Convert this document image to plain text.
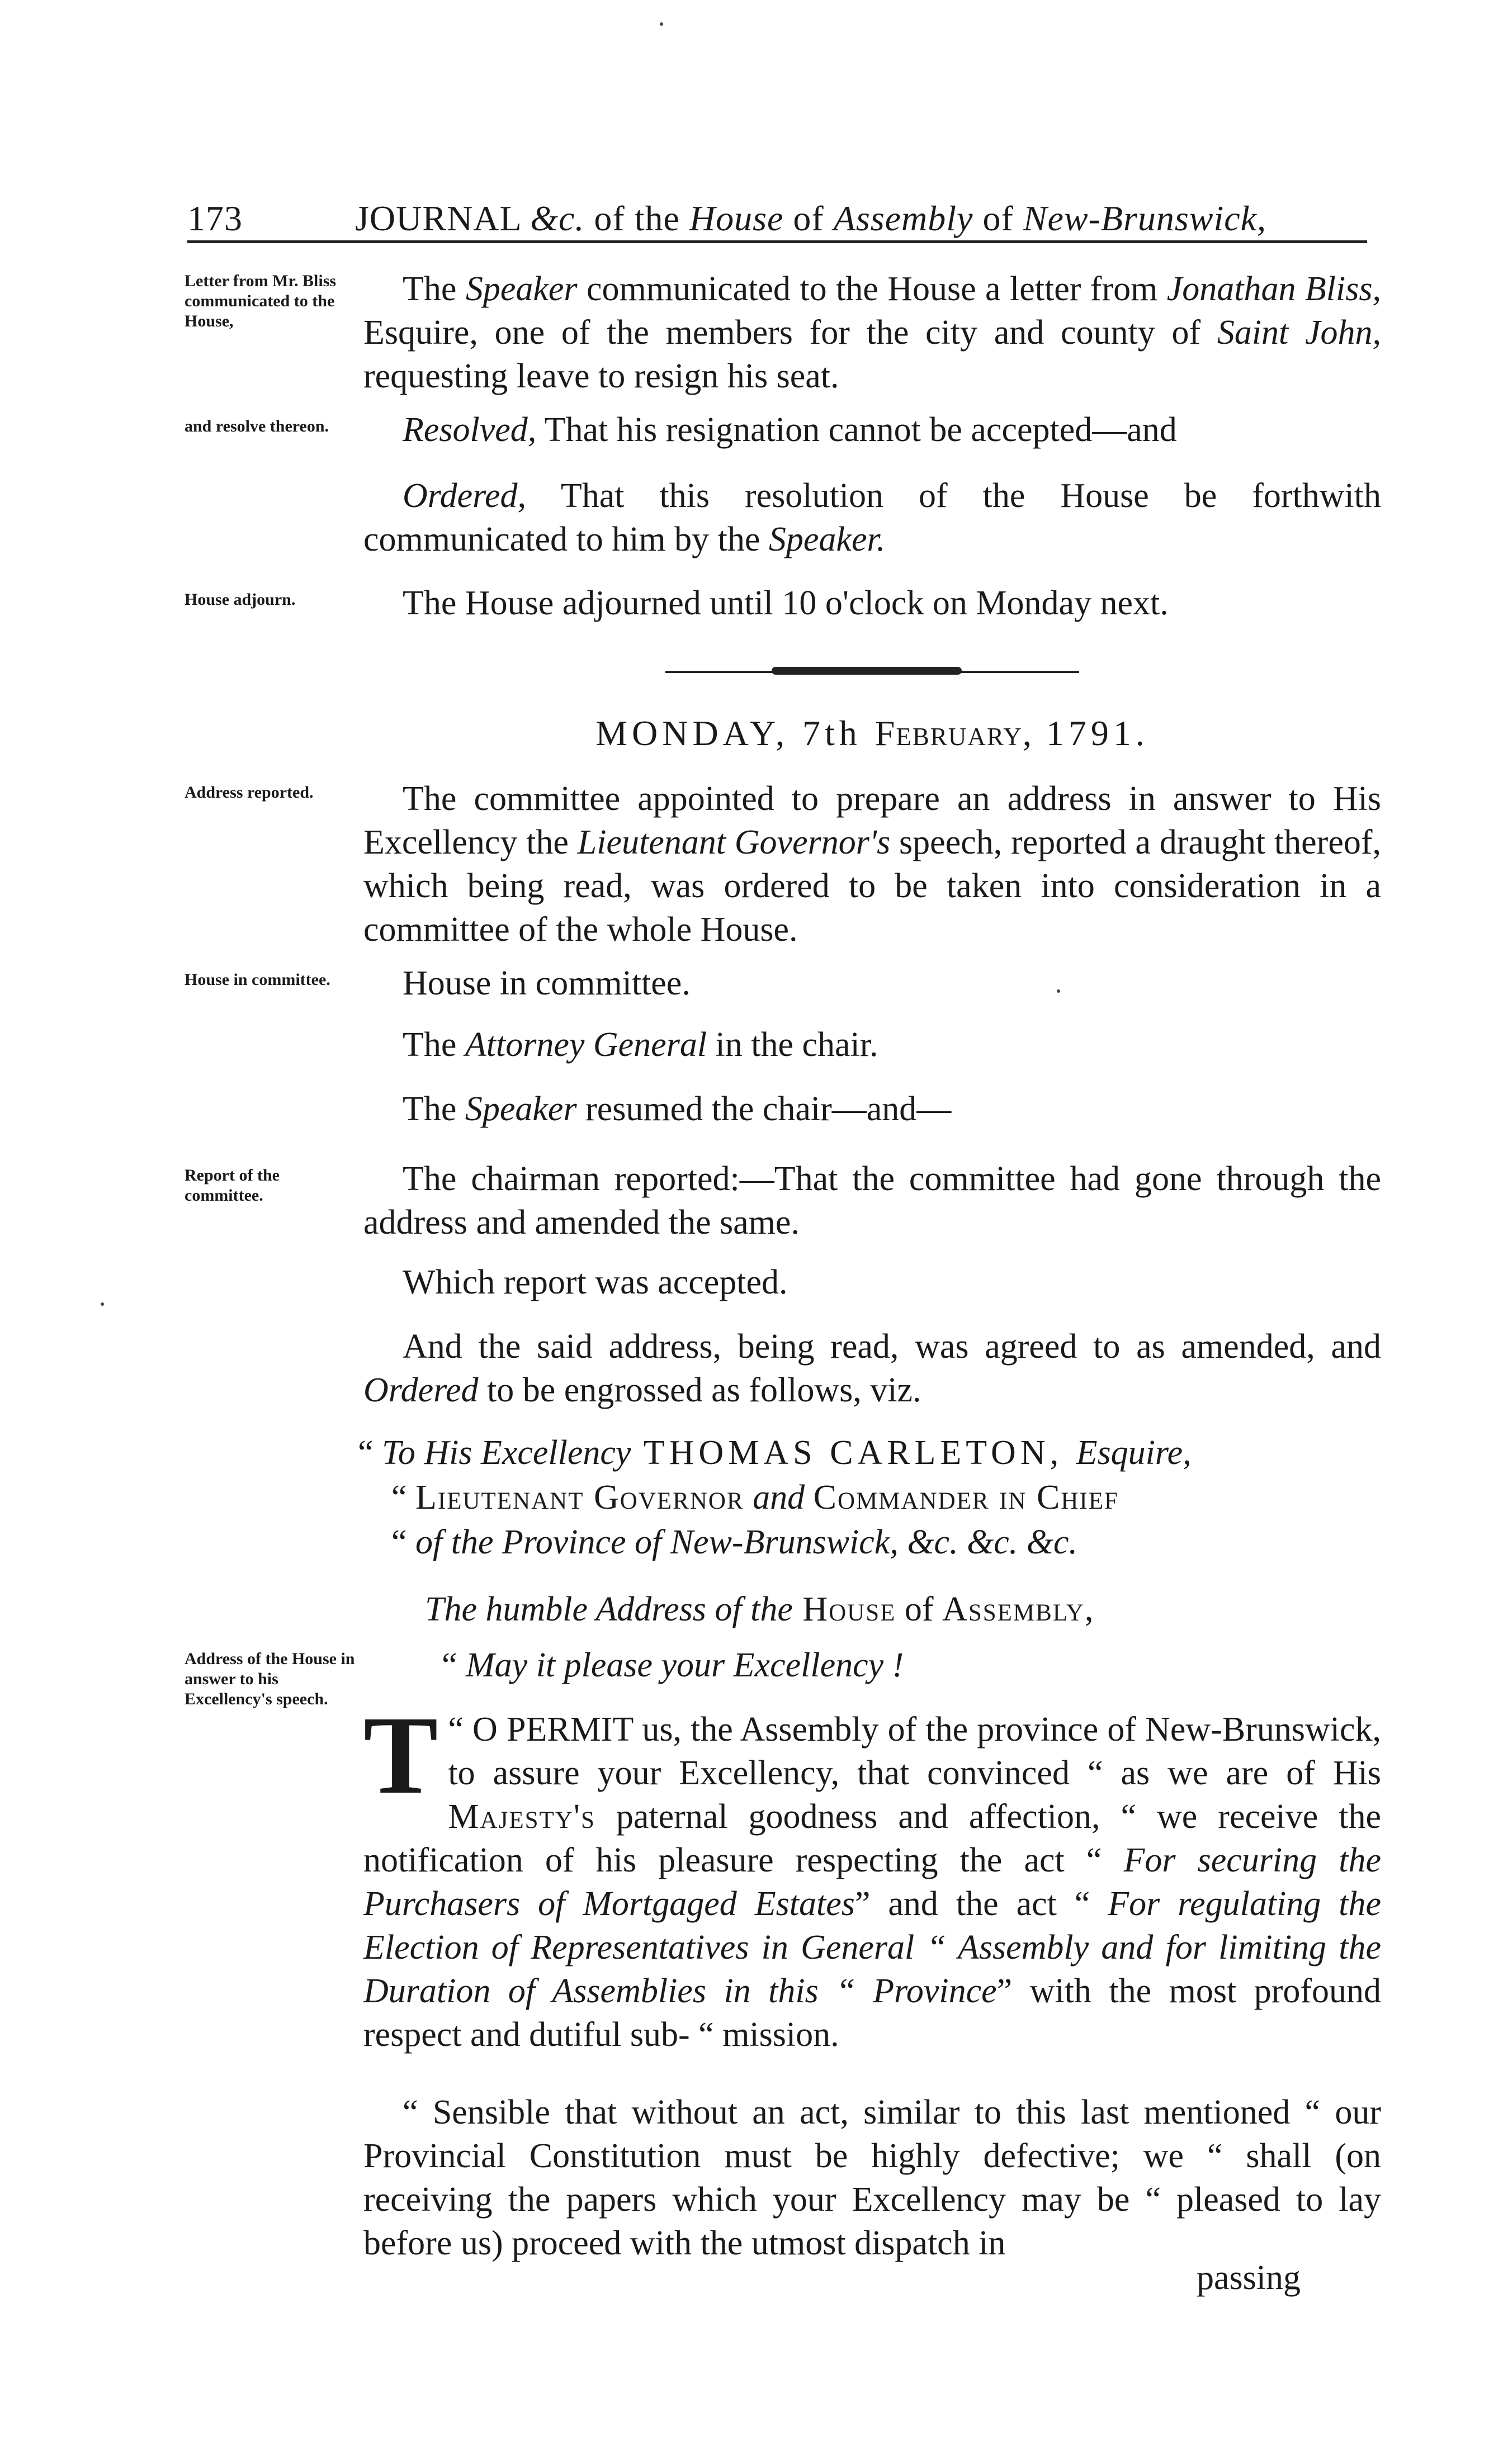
173	JOURNAL &c. of the House of Assembly of New-Brunswick,
Letter from Mr. Bliss communicated to the House,
and resolve thereon.
House adjourn.
Address reported.
House in committee.
Report of the committee.
Address of the House in answer to his Excellency's speech.
The Speaker communicated to the House a letter from Jonathan Bliss, Esquire, one of the members for the city and county of Saint John, requesting leave to resign his seat.
Resolved, That his resignation cannot be accepted—and
Ordered, That this resolution of the House be forthwith communicated to him by the Speaker.
The House adjourned until 10 o'clock on Monday next.
MONDAY, 7th February, 1791.
The committee appointed to prepare an address in answer to His Excellency the Lieutenant Governor's speech, reported a draught thereof, which being read, was ordered to be taken into consideration in a committee of the whole House.
House in committee.
The Attorney General in the chair.
The Speaker resumed the chair—and—
The chairman reported:—That the committee had gone through the address and amended the same.
Which report was accepted.
And the said address, being read, was agreed to as amended, and Ordered to be engrossed as follows, viz.
“ To His Excellency THOMAS CARLETON, Esquire,
“ Lieutenant Governor and Commander in Chief
“ of the Province of New-Brunswick, &c. &c. &c.
The humble Address of the House of Assembly,
“ May it please your Excellency !
T “ O PERMIT us, the Assembly of the province of New-Brunswick, to assure your Excellency, that convinced “ as we are of His Majesty's paternal goodness and affection, “ we receive the notification of his pleasure respecting the act “ For securing the Purchasers of Mortgaged Estates” and the act “ For regulating the Election of Representatives in General “ Assembly and for limiting the Duration of Assemblies in this “ Province” with the most profound respect and dutiful sub- “ mission.
“ Sensible that without an act, similar to this last mentioned “ our Provincial Constitution must be highly defective; we “ shall (on receiving the papers which your Excellency may be “ pleased to lay before us) proceed with the utmost dispatch in
passing
